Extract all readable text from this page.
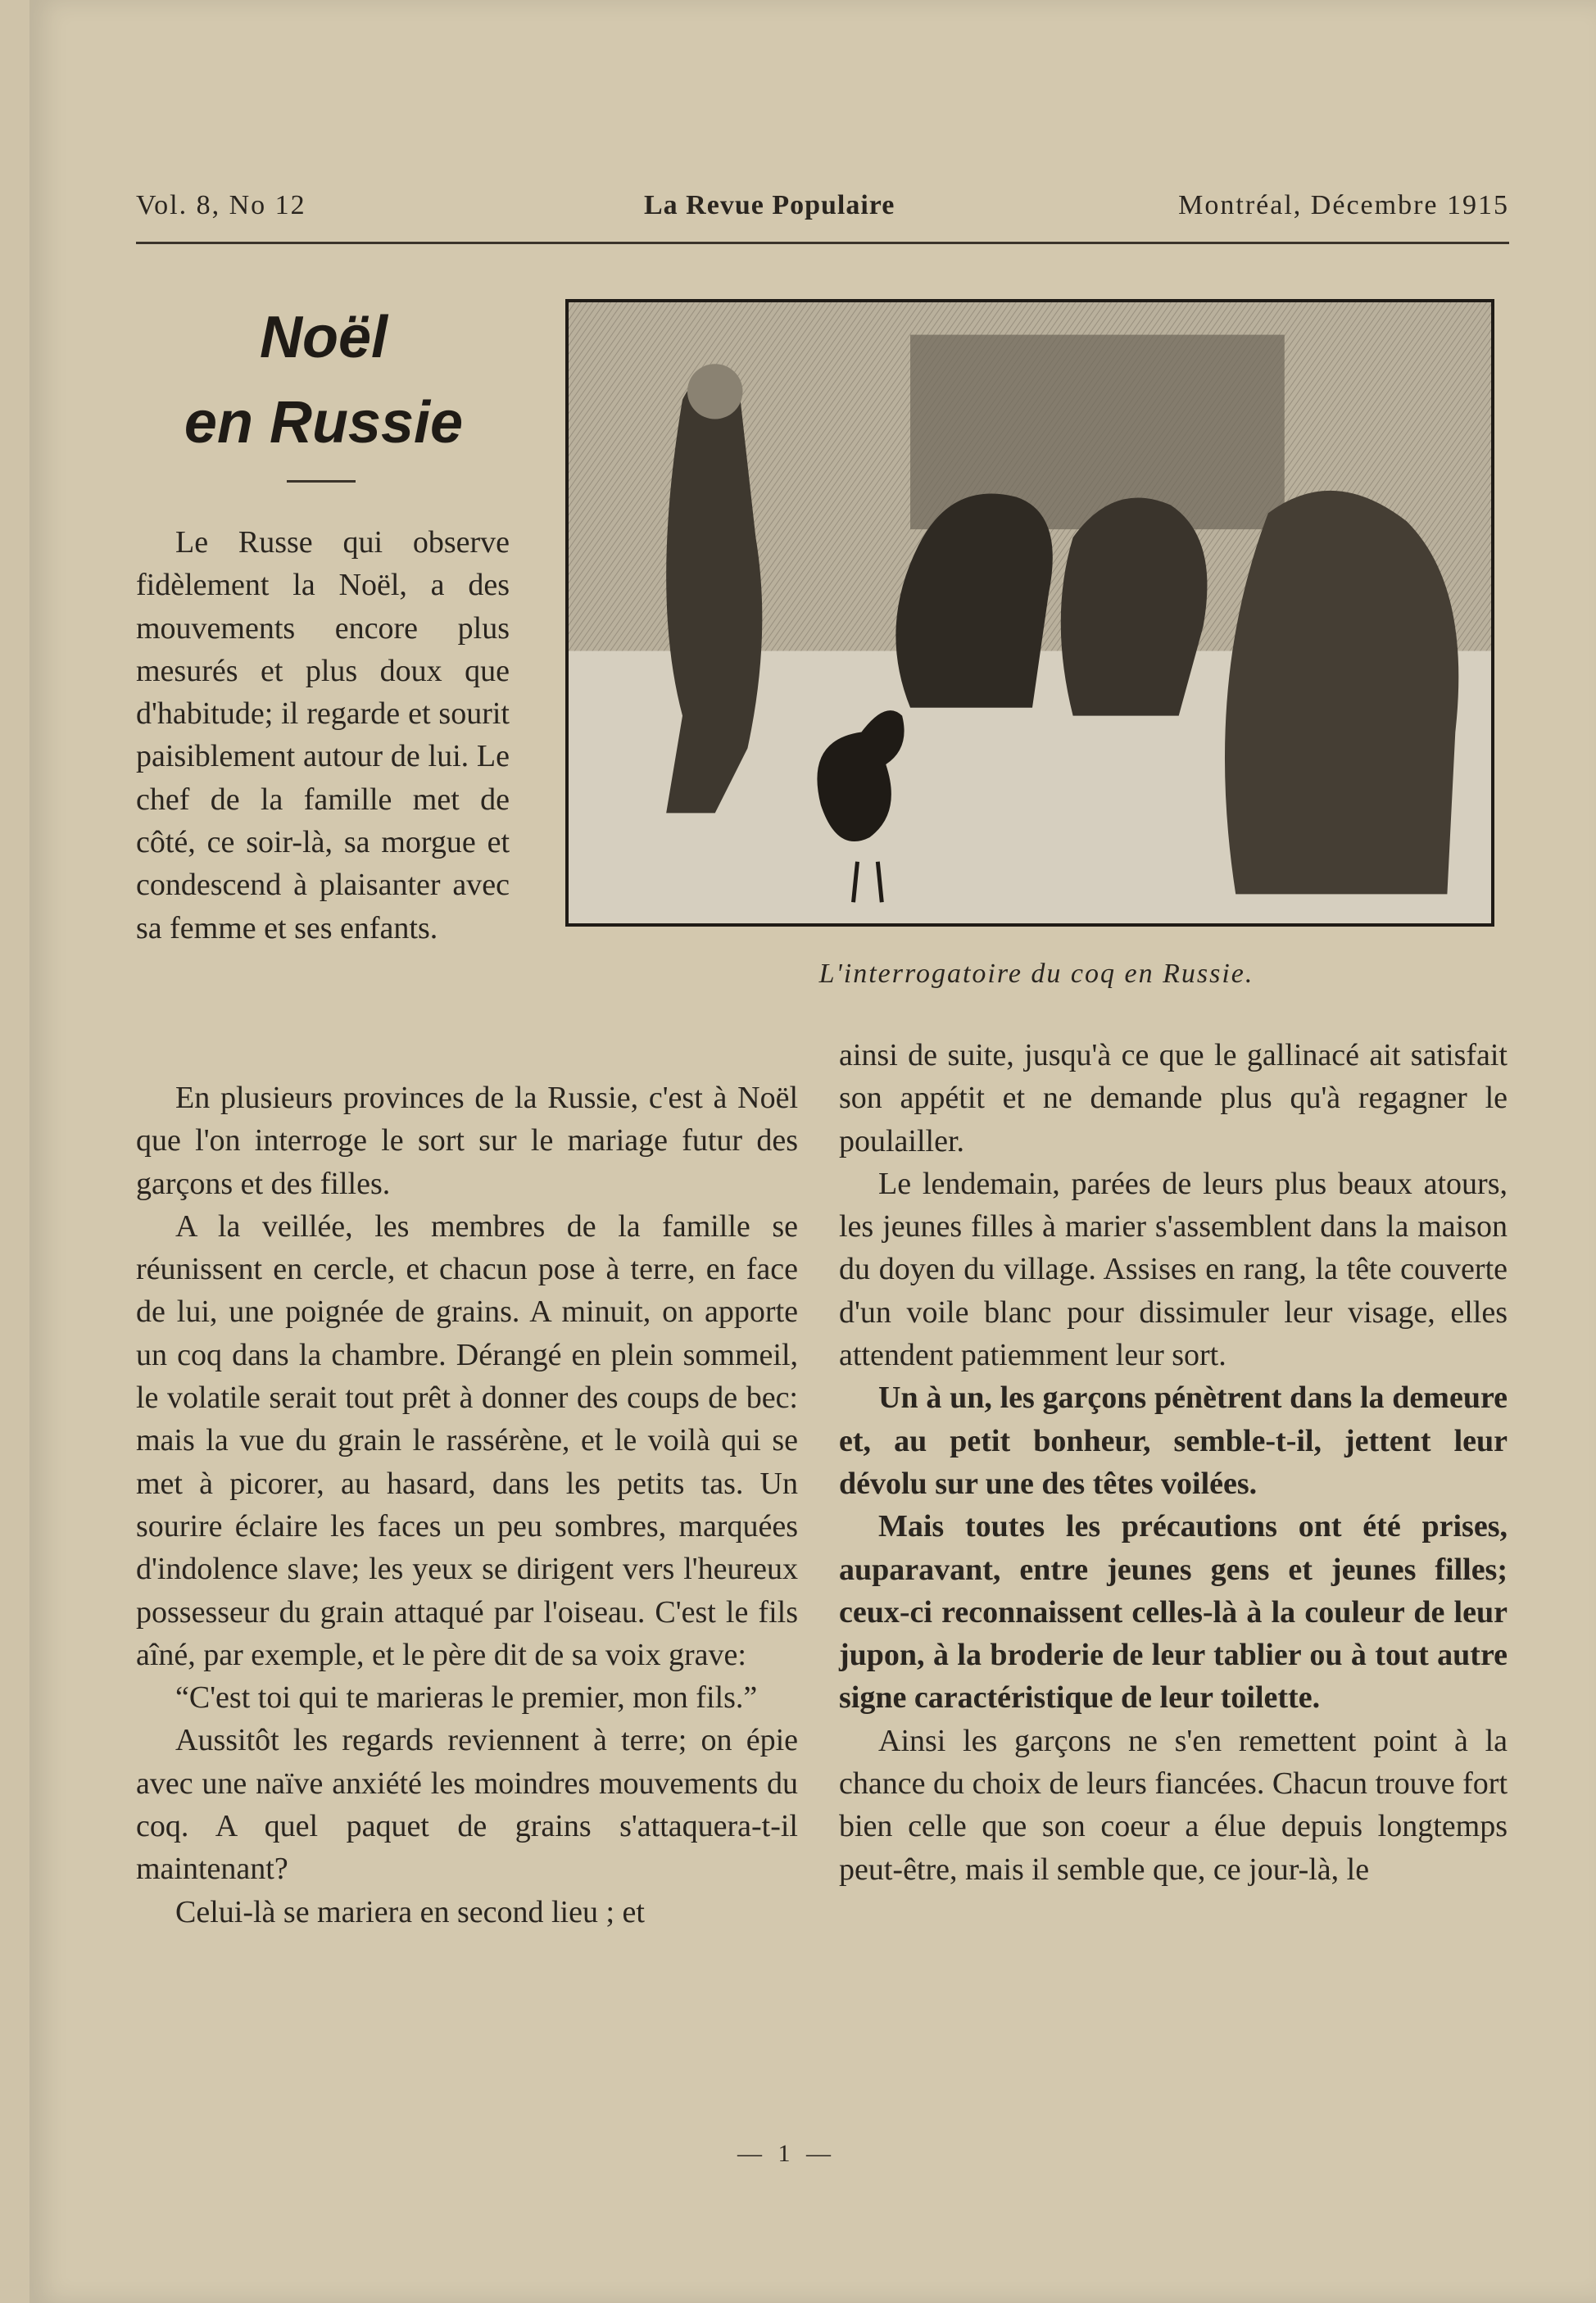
Vol. 8, No 12	La Revue Populaire	Montréal, Décembre 1915
Noël
en Russie
L'interrogatoire du coq en Russie.

Le Russe qui observe fidèlement la Noël, a des mouvements encore plus mesurés et plus doux que d'habitude; il regarde et sourit paisiblement autour de lui. Le chef de la famille met de côté, ce soir-là, sa morgue et condescend à plaisanter avec sa femme et ses enfants.

En plusieurs provinces de la Russie, c'est à Noël que l'on interroge le sort sur le mariage futur des garçons et des filles.

A la veillée, les membres de la famille se réunissent en cercle, et chacun pose à terre, en face de lui, une poignée de grains. A minuit, on apporte un coq dans la chambre. Dérangé en plein sommeil, le volatile serait tout prêt à donner des coups de bec: mais la vue du grain le rassérène, et le voilà qui se met à picorer, au hasard, dans les petits tas. Un sourire éclaire les faces un peu sombres, marquées d'indolence slave; les yeux se dirigent vers l'heureux possesseur du grain attaqué par l'oiseau. C'est le fils aîné, par exemple, et le père dit de sa voix grave:

“C'est toi qui te marieras le premier, mon fils.”

Aussitôt les regards reviennent à terre; on épie avec une naïve anxiété les moindres mouvements du coq. A quel paquet de grains s'attaquera-t-il maintenant?

Celui-là se mariera en second lieu ; et

ainsi de suite, jusqu'à ce que le gallinacé ait satisfait son appétit et ne demande plus qu'à regagner le poulailler.

Le lendemain, parées de leurs plus beaux atours, les jeunes filles à marier s'assemblent dans la maison du doyen du village. Assises en rang, la tête couverte d'un voile blanc pour dissimuler leur visage, elles attendent patiemment leur sort.

Un à un, les garçons pénètrent dans la demeure et, au petit bonheur, semble-t-il, jettent leur dévolu sur une des têtes voilées.

Mais toutes les précautions ont été prises, auparavant, entre jeunes gens et jeunes filles; ceux-ci reconnaissent celles-là à la couleur de leur jupon, à la broderie de leur tablier ou à tout autre signe caractéristique de leur toilette.

Ainsi les garçons ne s'en remettent point à la chance du choix de leurs fiancées. Chacun trouve fort bien celle que son coeur a élue depuis longtemps peut-être, mais il semble que, ce jour-là, le

— 1 —
